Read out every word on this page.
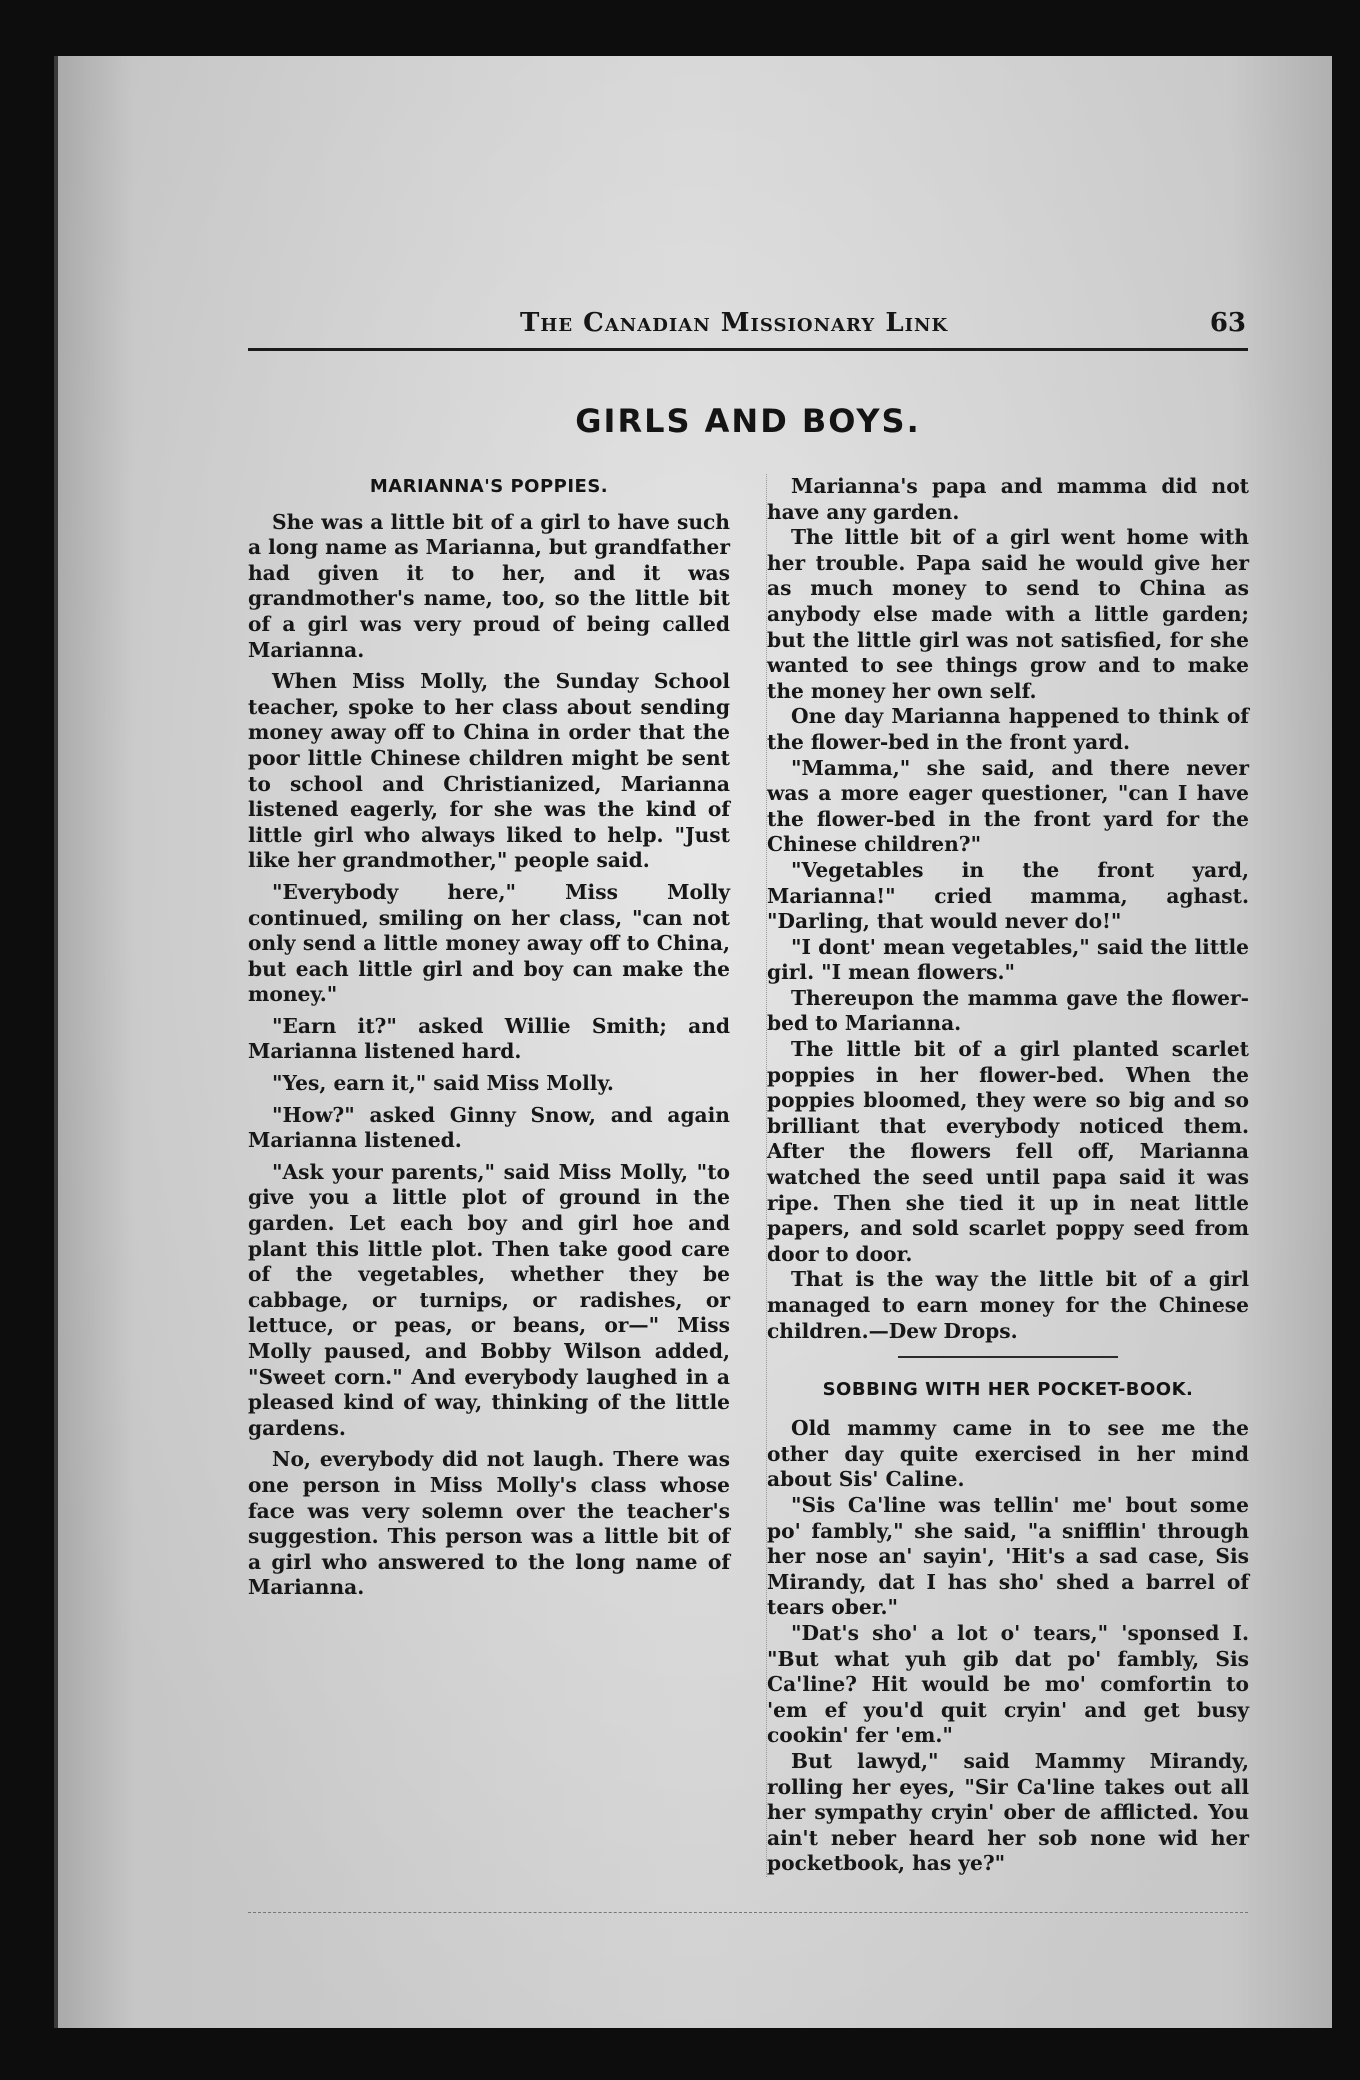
The Canadian Missionary Link	63
GIRLS AND BOYS.
MARIANNA'S POPPIES.

She was a little bit of a girl to have such a long name as Marianna, but grandfather had given it to her, and it was grandmother's name, too, so the little bit of a girl was very proud of being called Marianna.

When Miss Molly, the Sunday School teacher, spoke to her class about sending money away off to China in order that the poor little Chinese children might be sent to school and Christianized, Marianna listened eagerly, for she was the kind of little girl who always liked to help. "Just like her grandmother," people said.

"Everybody here," Miss Molly continued, smiling on her class, "can not only send a little money away off to China, but each little girl and boy can make the money."

"Earn it?" asked Willie Smith; and Marianna listened hard.

"Yes, earn it," said Miss Molly.

"How?" asked Ginny Snow, and again Marianna listened.

"Ask your parents," said Miss Molly, "to give you a little plot of ground in the garden. Let each boy and girl hoe and plant this little plot. Then take good care of the vegetables, whether they be cabbage, or turnips, or radishes, or lettuce, or peas, or beans, or—" Miss Molly paused, and Bobby Wilson added, "Sweet corn." And everybody laughed in a pleased kind of way, thinking of the little gardens.

No, everybody did not laugh. There was one person in Miss Molly's class whose face was very solemn over the teacher's suggestion. This person was a little bit of a girl who answered to the long name of Marianna.

Marianna's papa and mamma did not have any garden.

The little bit of a girl went home with her trouble. Papa said he would give her as much money to send to China as anybody else made with a little garden; but the little girl was not satisfied, for she wanted to see things grow and to make the money her own self.

One day Marianna happened to think of the flower-bed in the front yard.

"Mamma," she said, and there never was a more eager questioner, "can I have the flower-bed in the front yard for the Chinese children?"

"Vegetables in the front yard, Marianna!" cried mamma, aghast. "Darling, that would never do!"

"I dont' mean vegetables," said the little girl. "I mean flowers."

Thereupon the mamma gave the flower-bed to Marianna.

The little bit of a girl planted scarlet poppies in her flower-bed. When the poppies bloomed, they were so big and so brilliant that everybody noticed them. After the flowers fell off, Marianna watched the seed until papa said it was ripe. Then she tied it up in neat little papers, and sold scarlet poppy seed from door to door.

That is the way the little bit of a girl managed to earn money for the Chinese children.—Dew Drops.

SOBBING WITH HER POCKET-BOOK.

Old mammy came in to see me the other day quite exercised in her mind about Sis' Caline.

"Sis Ca'line was tellin' me' bout some po' fambly," she said, "a snifflin' through her nose an' sayin', 'Hit's a sad case, Sis Mirandy, dat I has sho' shed a barrel of tears ober."

"Dat's sho' a lot o' tears," 'sponsed I. "But what yuh gib dat po' fambly, Sis Ca'line? Hit would be mo' comfortin to 'em ef you'd quit cryin' and get busy cookin' fer 'em."

But lawyd," said Mammy Mirandy, rolling her eyes, "Sir Ca'line takes out all her sympathy cryin' ober de afflicted. You ain't neber heard her sob none wid her pocketbook, has ye?"
